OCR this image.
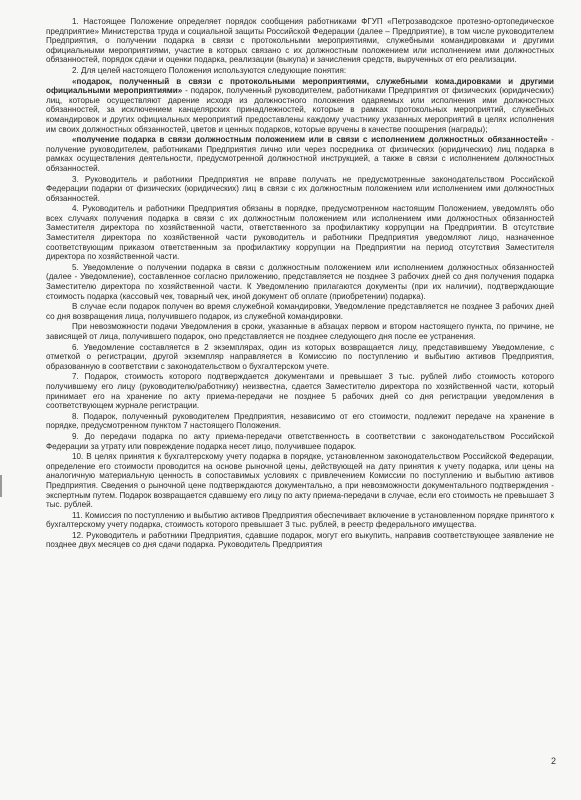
1. Настоящее Положение определяет порядок сообщения работниками ФГУП «Петрозаводское протезно-ортопедическое предприятие» Министерства труда и социальной защиты Российской Федерации (далее – Предприятие), в том числе руководителем Предприятия, о получении подарка в связи с протокольными мероприятиями, служебными командировками и другими официальными мероприятиями, участие в которых связано с их должностным положением или исполнением ими должностных обязанностей, порядок сдачи и оценки подарка, реализации (выкупа) и зачисления средств, вырученных от его реализации.

2. Для целей настоящего Положения используются следующие понятия:

«подарок, полученный в связи с протокольными мероприятиями, служебными кома.дировками и другими официальными мероприятиями» - подарок, полученный руководителем, работниками Предприятия от физических (юридических) лиц, которые осуществляют дарение исходя из должностного положения одаряемых или исполнения ими должностных обязанностей, за исключением канцелярских принадлежностей, которые в рамках протокольных мероприятий, служебных командировок и других официальных мероприятий предоставлены каждому участнику указанных мероприятий в целях исполнения им своих должностных обязанностей, цветов и ценных подарков, которые вручены в качестве поощрения (награды);

«получение подарка в связи должностным положением или в связи с исполнением должностных обязанностей» - получение руководителем, работниками Предприятия лично или через посредника от физических (юридических) лиц подарка в рамках осуществления деятельности, предусмотренной должностной инструкцией, а также в связи с исполнением должностных обязанностей.

3. Руководитель и работники Предприятия не вправе получать не предусмотренные законодательством Российской Федерации подарки от физических (юридических) лиц в связи с их должностным положением или исполнением ими должностных обязанностей.

4. Руководитель и работники Предприятия обязаны в порядке, предусмотренном настоящим Положением, уведомлять обо всех случаях получения подарка в связи с их должностным положением или исполнением ими должностных обязанностей Заместителя директора по хозяйственной части, ответственного за профилактику коррупции на Предприятии. В отсутствие Заместителя директора по хозяйственной части руководитель и работники Предприятия уведомляют лицо, назначенное соответствующим приказом ответственным за профилактику коррупции на Предприятии на период отсутствия Заместителя директора по хозяйственной части.

5. Уведомление о получении подарка в связи с должностным положением или исполнением должностных обязанностей (далее - Уведомление), составленное согласно приложению, представляется не позднее 3 рабочих дней со дня получения подарка Заместителю директора по хозяйственной части. К Уведомлению прилагаются документы (при их наличии), подтверждающие стоимость подарка (кассовый чек, товарный чек, иной документ об оплате (приобретении) подарка).

В случае если подарок получен во время служебной командировки, Уведомление представляется не позднее 3 рабочих дней со дня возвращения лица, получившего подарок, из служебной командировки.

При невозможности подачи Уведомления в сроки, указанные в абзацах первом и втором настоящего пункта, по причине, не зависящей от лица, получившего подарок, оно представляется не позднее следующего дня после ее устранения.

6. Уведомление составляется в 2 экземплярах, один из которых возвращается лицу, представившему Уведомление, с отметкой о регистрации, другой экземпляр направляется в Комиссию по поступлению и выбытию активов Предприятия, образованную в соответствии с законодательством о бухгалтерском учете.

7. Подарок, стоимость которого подтверждается документами и превышает 3 тыс. рублей либо стоимость которого получившему его лицу (руководителю/работнику) неизвестна, сдается Заместителю директора по хозяйственной части, который принимает его на хранение по акту приема-передачи не позднее 5 рабочих дней со дня регистрации уведомления в соответствующем журнале регистрации.

8. Подарок, полученный руководителем Предприятия, независимо от его стоимости, подлежит передаче на хранение в порядке, предусмотренном пунктом 7 настоящего Положения.

9. До передачи подарка по акту приема-передачи ответственность в соответствии с законодательством Российской Федерации за утрату или повреждение подарка несет лицо, получившее подарок.

10. В целях принятия к бухгалтерскому учету подарка в порядке, установленном законодательством Российской Федерации, определение его стоимости проводится на основе рыночной цены, действующей на дату принятия к учету подарка, или цены на аналогичную материальную ценность в сопоставимых условиях с привлечением Комиссии по поступлению и выбытию активов Предприятия. Сведения о рыночной цене подтверждаются документально, а при невозможности документального подтверждения - экспертным путем. Подарок возвращается сдавшему его лицу по акту приема-передачи в случае, если его стоимость не превышает 3 тыс. рублей.

11. Комиссия по поступлению и выбытию активов Предприятия обеспечивает включение в установленном порядке принятого к бухгалтерскому учету подарка, стоимость которого превышает 3 тыс. рублей, в реестр федерального имущества.

12. Руководитель и работники Предприятия, сдавшие подарок, могут его выкупить, направив соответствующее заявление не позднее двух месяцев со дня сдачи подарка. Руководитель Предприятия

2
